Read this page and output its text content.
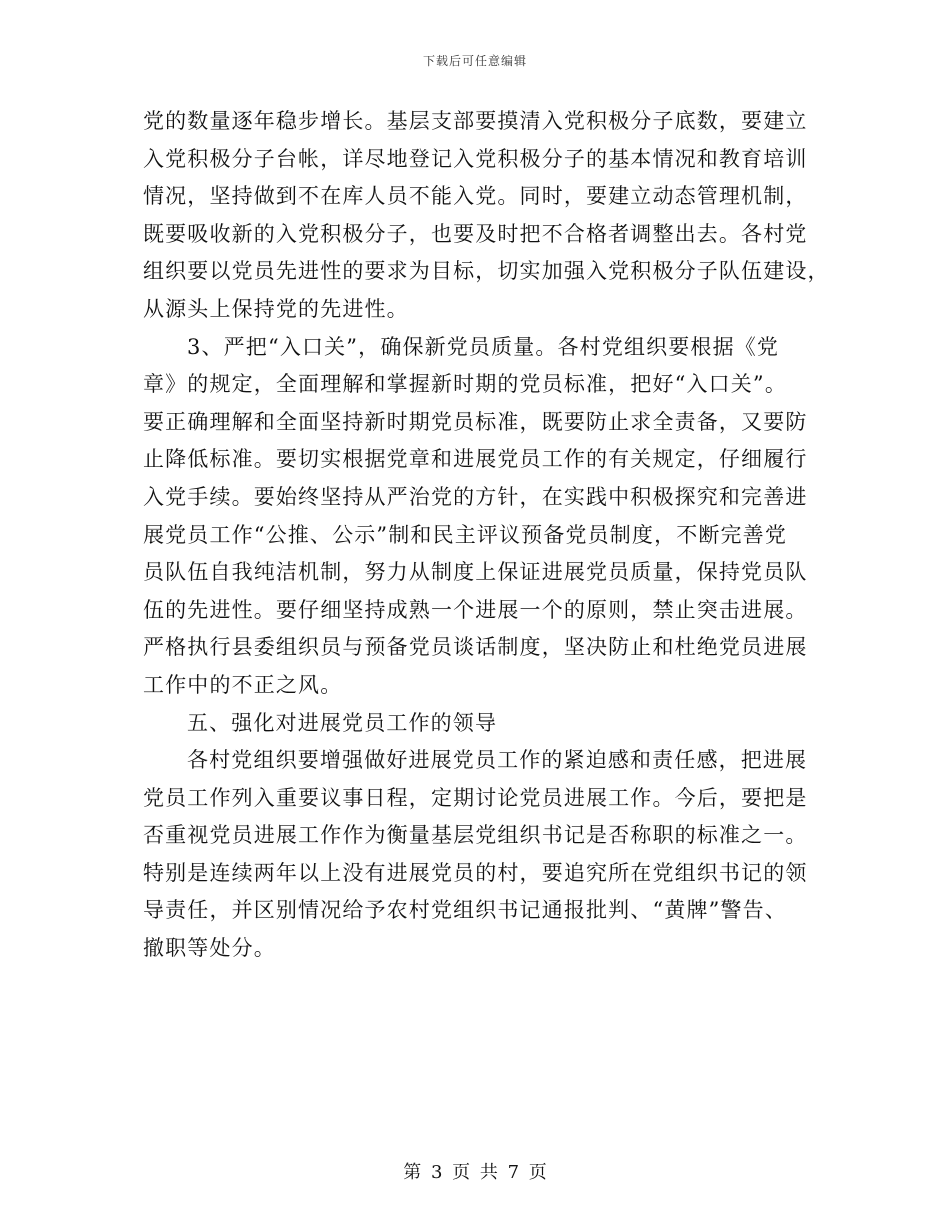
下载后可任意编辑
党的数量逐年稳步增长。基层支部要摸清入党积极分子底数，要建立
入党积极分子台帐，详尽地登记入党积极分子的基本情况和教育培训
情况，坚持做到不在库人员不能入党。同时，要建立动态管理机制，
既要吸收新的入党积极分子，也要及时把不合格者调整出去。各村党
组织要以党员先进性的要求为目标，切实加强入党积极分子队伍建设，
从源头上保持党的先进性。
3、严把“入口关”，确保新党员质量。各村党组织要根据《党
章》的规定，全面理解和掌握新时期的党员标准，把好“入口关”。
要正确理解和全面坚持新时期党员标准，既要防止求全责备，又要防
止降低标准。要切实根据党章和进展党员工作的有关规定，仔细履行
入党手续。要始终坚持从严治党的方针，在实践中积极探究和完善进
展党员工作“公推、公示”制和民主评议预备党员制度，不断完善党
员队伍自我纯洁机制，努力从制度上保证进展党员质量，保持党员队
伍的先进性。要仔细坚持成熟一个进展一个的原则，禁止突击进展。
严格执行县委组织员与预备党员谈话制度，坚决防止和杜绝党员进展
工作中的不正之风。
五、强化对进展党员工作的领导
各村党组织要增强做好进展党员工作的紧迫感和责任感，把进展
党员工作列入重要议事日程，定期讨论党员进展工作。今后，要把是
否重视党员进展工作作为衡量基层党组织书记是否称职的标准之一。
特别是连续两年以上没有进展党员的村，要追究所在党组织书记的领
导责任，并区别情况给予农村党组织书记通报批判、“黄牌”警告、
撤职等处分。
第 3 页 共 7 页
